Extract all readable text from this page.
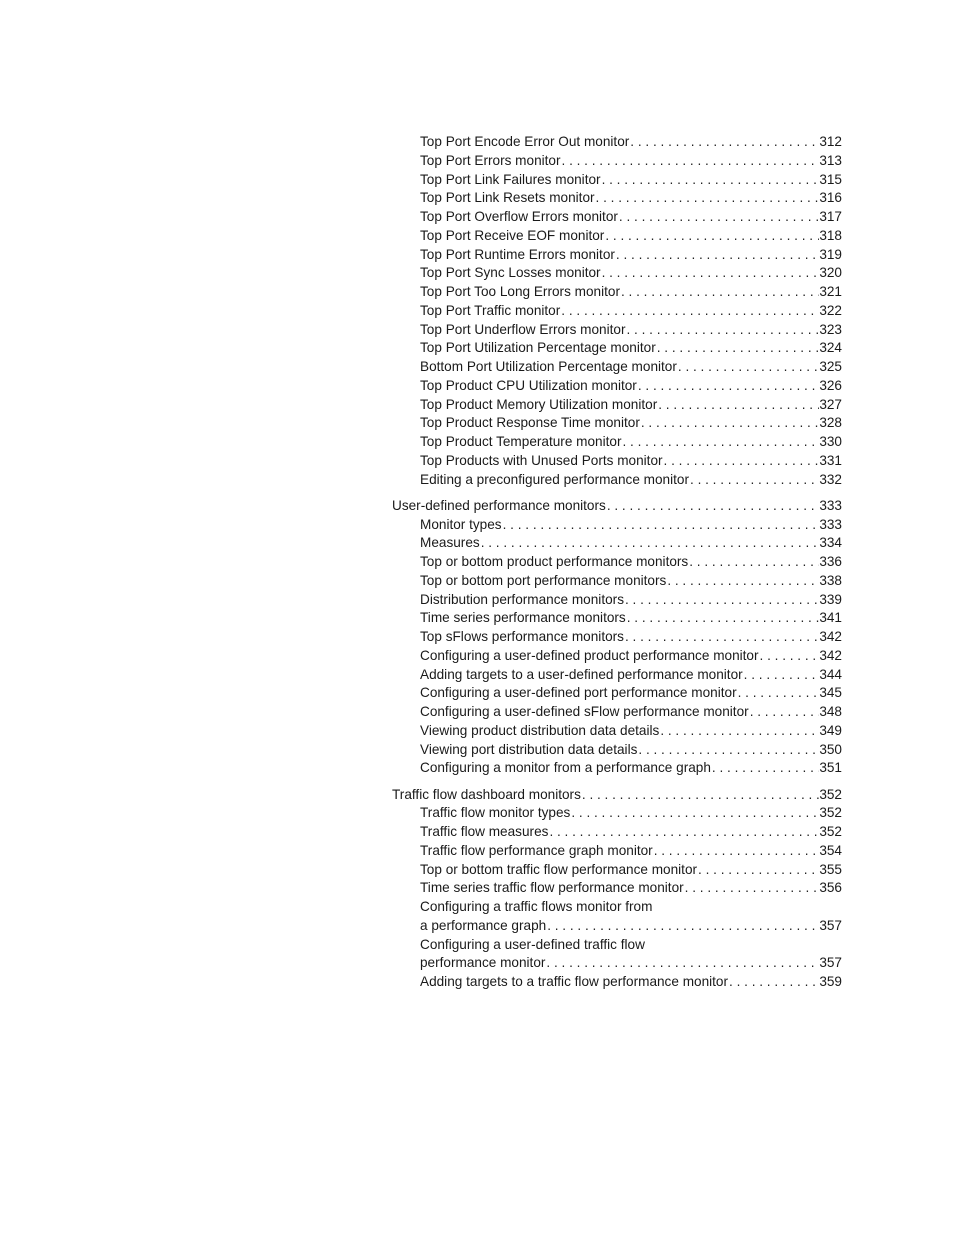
Top Port Encode Error Out monitor . . .	312
Top Port Errors monitor . . .	313
Top Port Link Failures monitor . . .	315
Top Port Link Resets monitor . . .	316
Top Port Overflow Errors monitor . . .	317
Top Port Receive EOF monitor . . .	318
Top Port Runtime Errors monitor . . .	319
Top Port Sync Losses monitor . . .	320
Top Port Too Long Errors monitor . . .	321
Top Port Traffic monitor . . .	322
Top Port Underflow Errors monitor . . .	323
Top Port Utilization Percentage monitor . . .	324
Bottom Port Utilization Percentage monitor . . .	325
Top Product CPU Utilization monitor . . .	326
Top Product Memory Utilization monitor . . .	327
Top Product Response Time monitor . . .	328
Top Product Temperature monitor . . .	330
Top Products with Unused Ports monitor . . .	331
Editing a preconfigured performance monitor . . .	332
User-defined performance monitors . . .	333
Monitor types . . .	333
Measures . . .	334
Top or bottom product performance monitors . . .	336
Top or bottom port performance monitors . . .	338
Distribution performance monitors . . .	339
Time series performance monitors . . .	341
Top sFlows performance monitors . . .	342
Configuring a user-defined product performance monitor . . .	342
Adding targets to a user-defined performance monitor . . .	344
Configuring a user-defined port performance monitor . . .	345
Configuring a user-defined sFlow performance monitor . . .	348
Viewing product distribution data details . . .	349
Viewing port distribution data details . . .	350
Configuring a monitor from a performance graph . . .	351
Traffic flow dashboard monitors . . .	352
Traffic flow monitor types . . .	352
Traffic flow measures . . .	352
Traffic flow performance graph monitor . . .	354
Top or bottom traffic flow performance monitor . . .	355
Time series traffic flow performance monitor . . .	356
Configuring a traffic flows monitor from
a performance graph . . .	357
Configuring a user-defined traffic flow
performance monitor . . .	357
Adding targets to a traffic flow performance monitor . . .	359
